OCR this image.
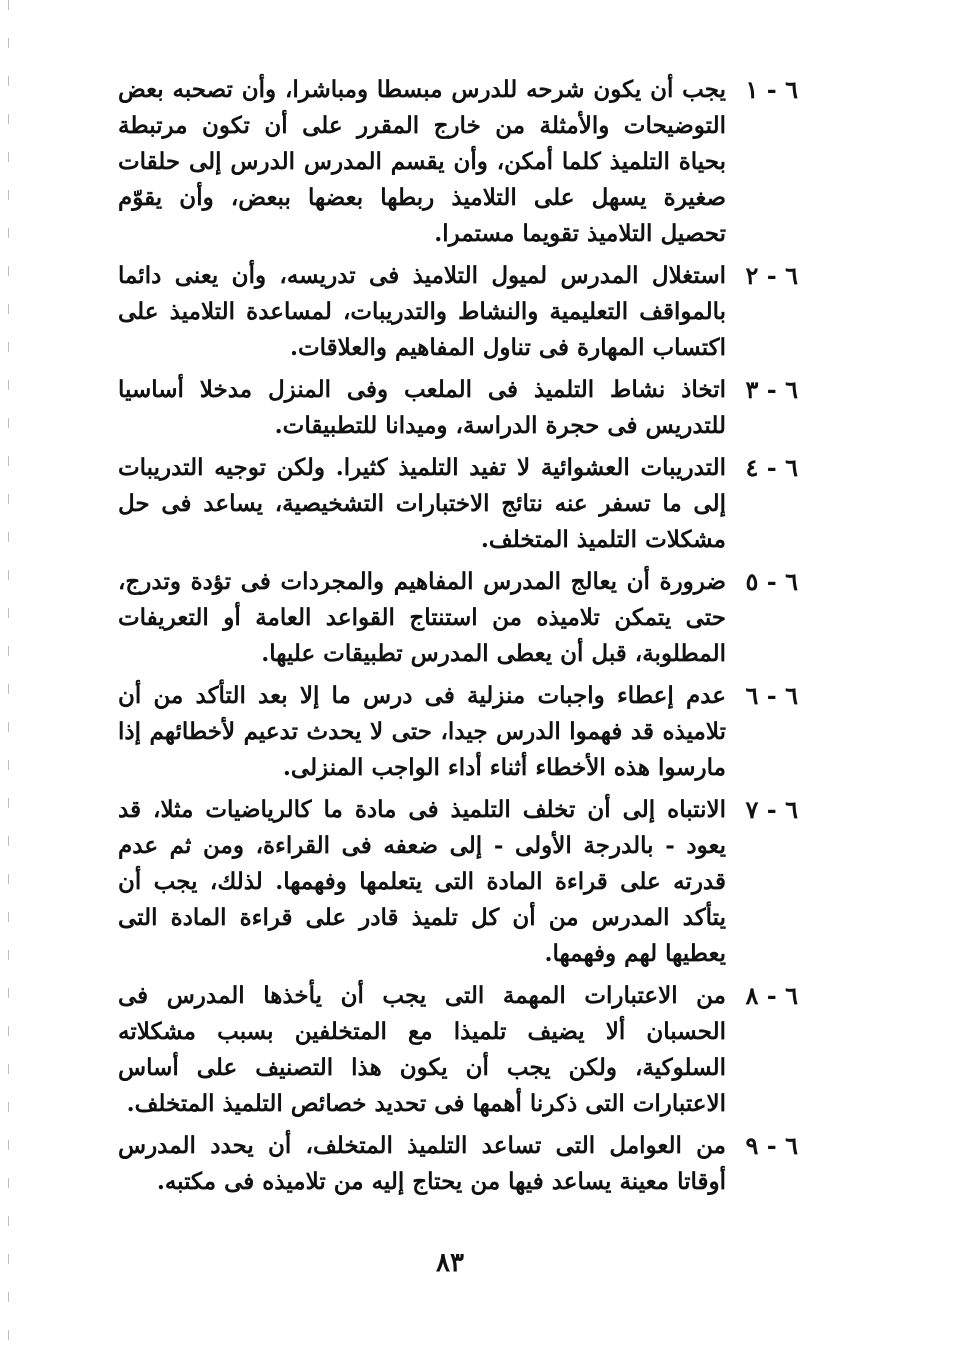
٦ - ١
يجب أن يكون شرحه للدرس مبسطا ومباشرا، وأن تصحبه بعض التوضيحات والأمثلة من خارج المقرر على أن تكون مرتبطة بحياة التلميذ كلما أمكن، وأن يقسم المدرس الدرس إلى حلقات صغيرة يسهل على التلاميذ ربطها بعضها ببعض، وأن يقوّم تحصيل التلاميذ تقويما مستمرا.
٦ - ٢
استغلال المدرس لميول التلاميذ فى تدريسه، وأن يعنى دائما بالمواقف التعليمية والنشاط والتدريبات، لمساعدة التلاميذ على اكتساب المهارة فى تناول المفاهيم والعلاقات.
٦ - ٣
اتخاذ نشاط التلميذ فى الملعب وفى المنزل مدخلا أساسيا للتدريس فى حجرة الدراسة، وميدانا للتطبيقات.
٦ - ٤
التدريبات العشوائية لا تفيد التلميذ كثيرا. ولكن توجيه التدريبات إلى ما تسفر عنه نتائج الاختبارات التشخيصية، يساعد فى حل مشكلات التلميذ المتخلف.
٦ - ٥
ضرورة أن يعالج المدرس المفاهيم والمجردات فى تؤدة وتدرج، حتى يتمكن تلاميذه من استنتاج القواعد العامة أو التعريفات المطلوبة، قبل أن يعطى المدرس تطبيقات عليها.
٦ - ٦
عدم إعطاء واجبات منزلية فى درس ما إلا بعد التأكد من أن تلاميذه قد فهموا الدرس جيدا، حتى لا يحدث تدعيم لأخطائهم إذا مارسوا هذه الأخطاء أثناء أداء الواجب المنزلى.
٦ - ٧
الانتباه إلى أن تخلف التلميذ فى مادة ما كالرياضيات مثلا، قد يعود - بالدرجة الأولى - إلى ضعفه فى القراءة، ومن ثم عدم قدرته على قراءة المادة التى يتعلمها وفهمها. لذلك، يجب أن يتأكد المدرس من أن كل تلميذ قادر على قراءة المادة التى يعطيها لهم وفهمها.
٦ - ٨
من الاعتبارات المهمة التى يجب أن يأخذها المدرس فى الحسبان ألا يضيف تلميذا مع المتخلفين بسبب مشكلاته السلوكية، ولكن يجب أن يكون هذا التصنيف على أساس الاعتبارات التى ذكرنا أهمها فى تحديد خصائص التلميذ المتخلف.
٦ - ٩
من العوامل التى تساعد التلميذ المتخلف، أن يحدد المدرس أوقاتا معينة يساعد فيها من يحتاج إليه من تلاميذه فى مكتبه.
٨٣
